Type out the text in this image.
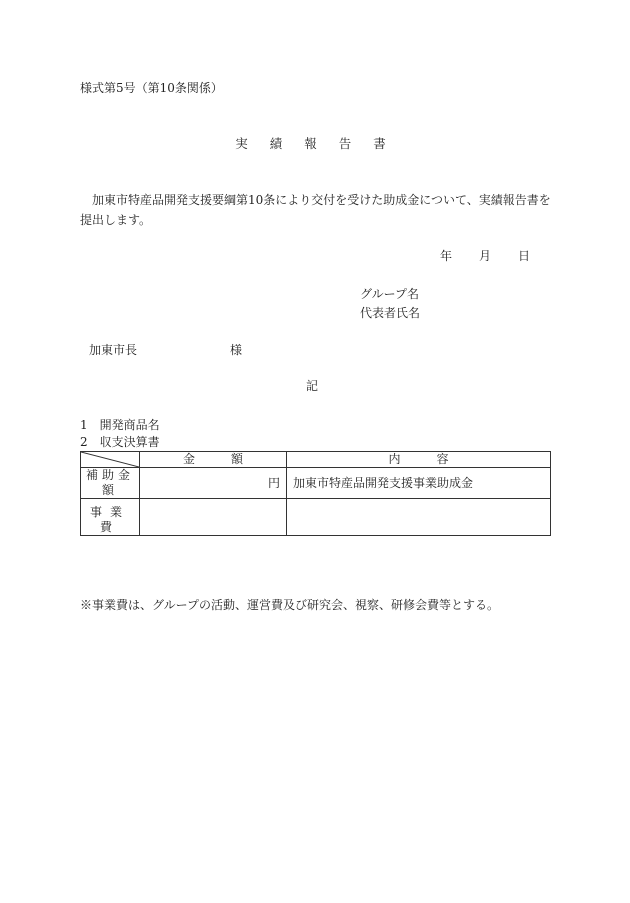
様式第5号（第10条関係）

実 績 報 告 書

加東市特産品開発支援要綱第10条により交付を受けた助成金について、実績報告書を

提出します。

年 月 日

グループ名

代表者氏名

加東市長	様

記

1　開発商品名

2　収支決算書

	金 額	内 容
補助金額	円	加東市特産品開発支援事業助成金
事業費		

※事業費は、グループの活動、運営費及び研究会、視察、研修会費等とする。
